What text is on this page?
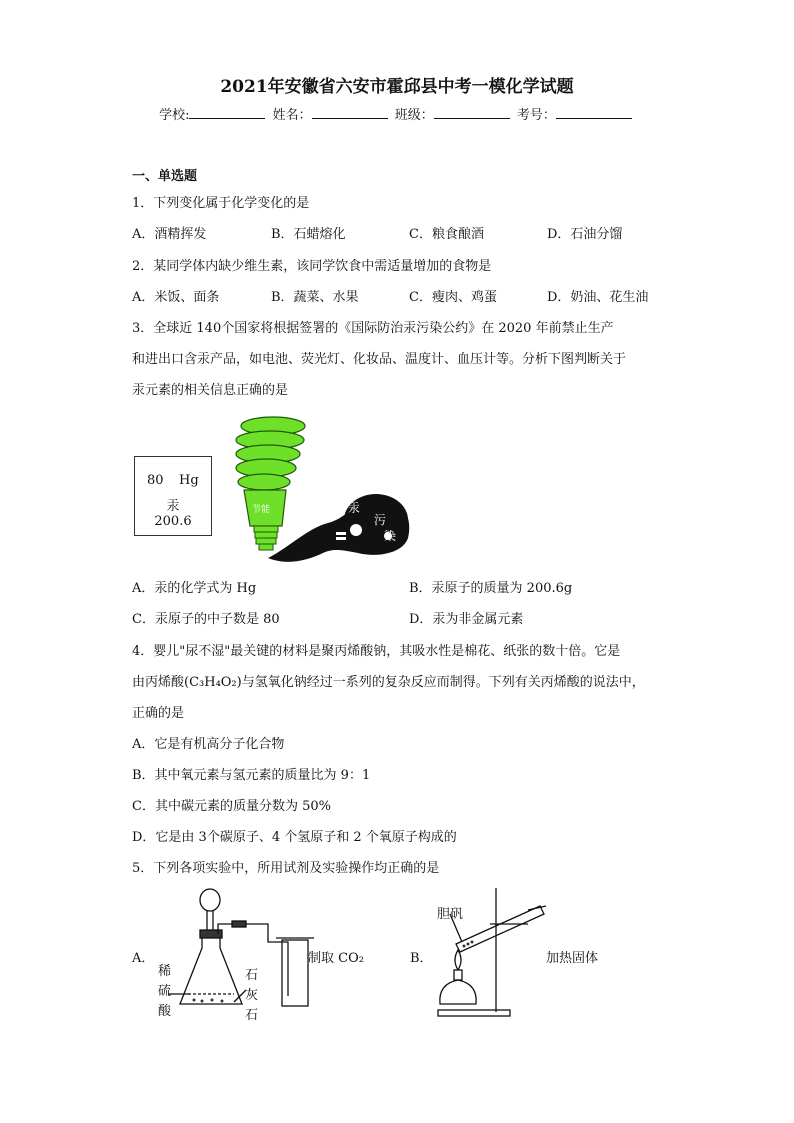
2021年安徽省六安市霍邱县中考一模化学试题
学校:	姓名：	班级：	考号：
一、单选题
1．下列变化属于化学变化的是
A．酒精挥发	B．石蜡熔化	C．粮食酿酒	D．石油分馏
2．某同学体内缺少维生素，该同学饮食中需适量增加的食物是
A．米饭、面条	B．蔬菜、水果	C．瘦肉、鸡蛋	D．奶油、花生油
3．全球近 140个国家将根据签署的《国际防治汞污染公约》在 2020 年前禁止生产
和进出口含汞产品，如电池、荧光灯、化妆品、温度计、血压计等。分析下图判断关于
汞元素的相关信息正确的是
80 Hg
汞
200.6
汞
污
染
节能
A．汞的化学式为 Hg	B．汞原子的质量为 200.6g
C．汞原子的中子数是 80	D．汞为非金属元素
4．婴儿"尿不湿"最关键的材料是聚丙烯酸钠，其吸水性是棉花、纸张的数十倍。它是
由丙烯酸(C₃H₄O₂)与氢氧化钠经过一系列的复杂反应而制得。下列有关丙烯酸的说法中，
正确的是
A．它是有机高分子化合物
B．其中氧元素与氢元素的质量比为 9：1
C．其中碳元素的质量分数为 50%
D．它是由 3个碳原子、4 个氢原子和 2 个氧原子构成的
5．下列各项实验中，所用试剂及实验操作均正确的是
A．	制取 CO₂
稀
硫
酸
石
灰
石
B．
胆矾
加热固体
